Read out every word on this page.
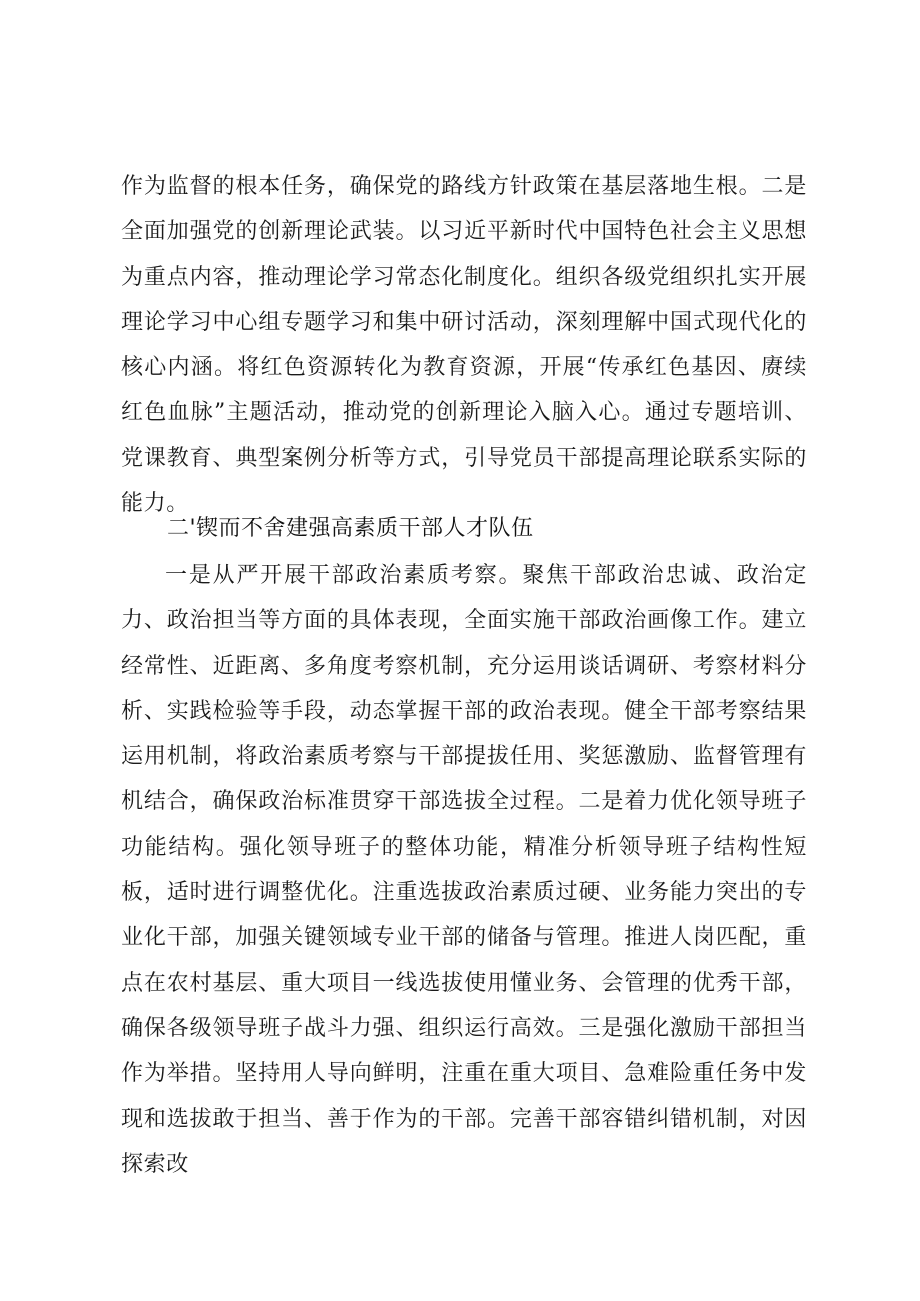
作为监督的根本任务，确保党的路线方针政策在基层落地生根。二是全面加强党的创新理论武装。以习近平新时代中国特色社会主义思想为重点内容，推动理论学习常态化制度化。组织各级党组织扎实开展理论学习中心组专题学习和集中研讨活动，深刻理解中国式现代化的核心内涵。将红色资源转化为教育资源，开展“传承红色基因、赓续红色血脉”主题活动，推动党的创新理论入脑入心。通过专题培训、党课教育、典型案例分析等方式，引导党员干部提高理论联系实际的能力。

二'锲而不舍建强高素质干部人才队伍

一是从严开展干部政治素质考察。聚焦干部政治忠诚、政治定力、政治担当等方面的具体表现，全面实施干部政治画像工作。建立经常性、近距离、多角度考察机制，充分运用谈话调研、考察材料分析、实践检验等手段，动态掌握干部的政治表现。健全干部考察结果运用机制，将政治素质考察与干部提拔任用、奖惩激励、监督管理有机结合，确保政治标准贯穿干部选拔全过程。二是着力优化领导班子功能结构。强化领导班子的整体功能，精准分析领导班子结构性短板，适时进行调整优化。注重选拔政治素质过硬、业务能力突出的专业化干部，加强关键领域专业干部的储备与管理。推进人岗匹配，重点在农村基层、重大项目一线选拔使用懂业务、会管理的优秀干部，确保各级领导班子战斗力强、组织运行高效。三是强化激励干部担当作为举措。坚持用人导向鲜明，注重在重大项目、急难险重任务中发现和选拔敢于担当、善于作为的干部。完善干部容错纠错机制，对因探索改
